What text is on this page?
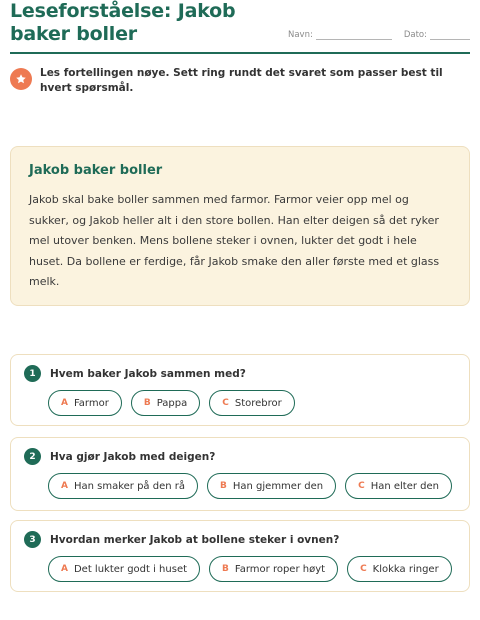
Leseforståelse: Jakob baker boller	Navn:	Dato:
Les fortellingen nøye. Sett ring rundt det svaret som passer best til hvert spørsmål.
Jakob baker boller
Jakob skal bake boller sammen med farmor. Farmor veier opp mel og sukker, og Jakob heller alt i den store bollen. Han elter deigen så det ryker mel utover benken. Mens bollene steker i ovnen, lukter det godt i hele huset. Da bollene er ferdige, får Jakob smake den aller første med et glass melk.
1	Hvem baker Jakob sammen med?
A Farmor	B Pappa	C Storebror
2	Hva gjør Jakob med deigen?
A Han smaker på den rå	B Han gjemmer den	C Han elter den
3	Hvordan merker Jakob at bollene steker i ovnen?
A Det lukter godt i huset	B Farmor roper høyt	C Klokka ringer
